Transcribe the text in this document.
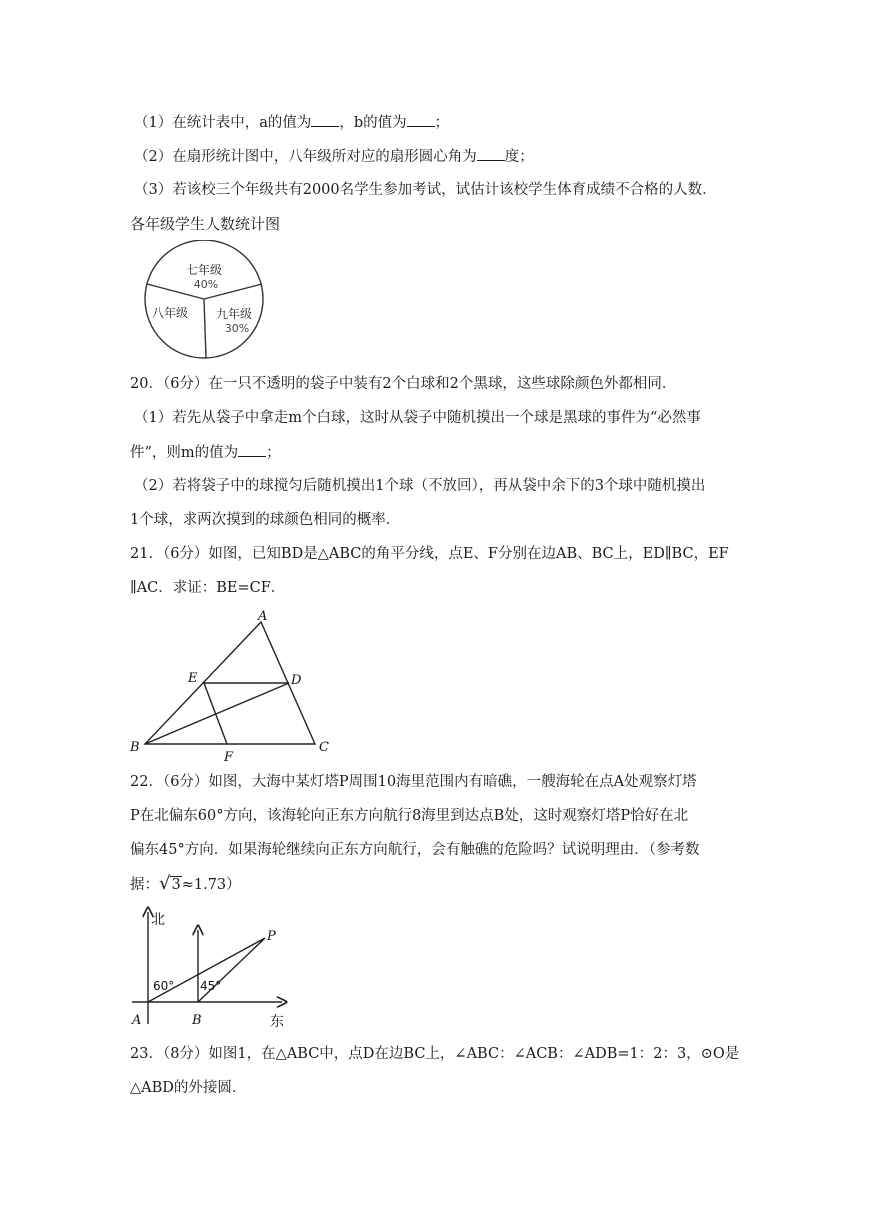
（1）在统计表中，a的值为 ，b的值为 ；
（2）在扇形统计图中，八年级所对应的扇形圆心角为 度；
（3）若该校三个年级共有2000名学生参加考试，试估计该校学生体育成绩不合格的人数．
各年级学生人数统计图
七年级
40%
八年级 九年级
30%
20．（6分）在一只不透明的袋子中装有2个白球和2个黑球，这些球除颜色外都相同．
（1）若先从袋子中拿走m个白球，这时从袋子中随机摸出一个球是黑球的事件为“必然事
件”，则m的值为 ；
（2）若将袋子中的球搅匀后随机摸出1个球（不放回），再从袋中余下的3个球中随机摸出
1个球，求两次摸到的球颜色相同的概率．
21．（6分）如图，已知BD是△ABC的角平分线，点E、F分别在边AB、BC上，ED∥BC，EF
∥AC．求证：BE=CF．
A
E	D
B
F
C
22．（6分）如图，大海中某灯塔P周围10海里范围内有暗礁，一艘海轮在点A处观察灯塔
P在北偏东60°方向，该海轮向正东方向航行8海里到达点B处，这时观察灯塔P恰好在北
偏东45°方向．如果海轮继续向正东方向航行，会有触礁的危险吗？试说明理由．（参考数
据：√3≈1.73）
北
东
A	B
P
60° 45°
23．（8分）如图1，在△ABC中，点D在边BC上，∠ABC：∠ACB：∠ADB=1：2：3，⊙O是
△ABD的外接圆．
